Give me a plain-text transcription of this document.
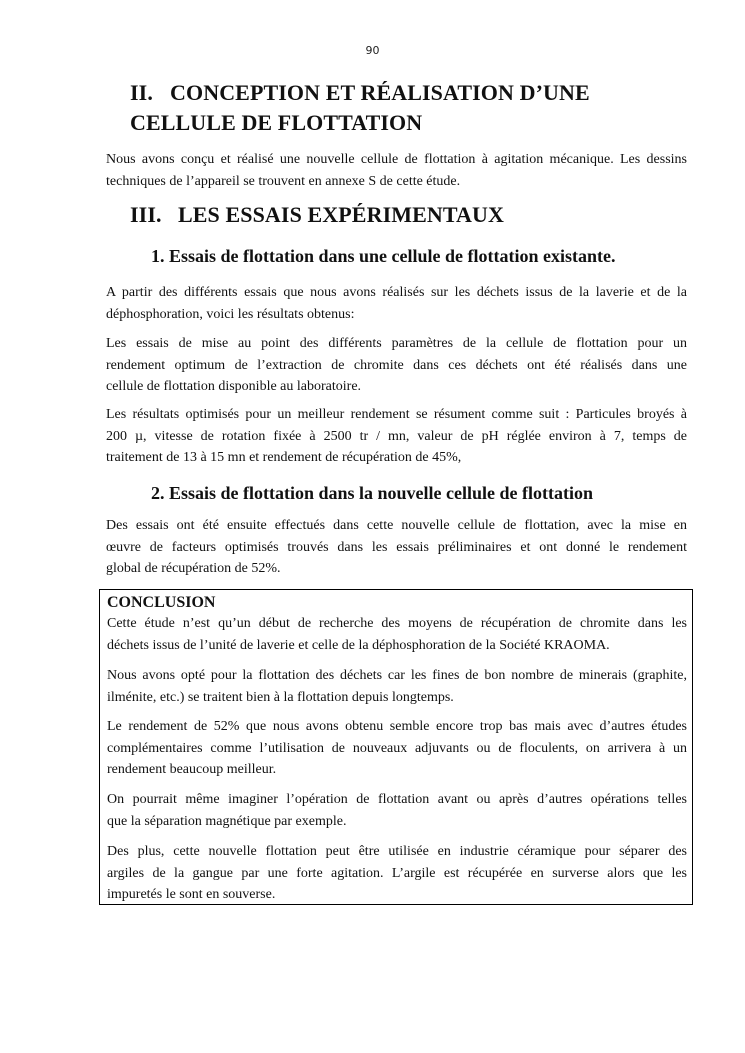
90
II. CONCEPTION ET RÉALISATION D’UNE
CELLULE DE FLOTTATION

Nous avons conçu et réalisé une nouvelle cellule de flottation à agitation mécanique. Les dessins
techniques de l’appareil se trouvent en annexe S de cette étude.

III. LES ESSAIS EXPÉRIMENTAUX
1. Essais de flottation dans une cellule de flottation existante.

A partir des différents essais que nous avons réalisés sur les déchets issus de la laverie et de la
déphosphoration, voici les résultats obtenus:

Les essais de mise au point des différents paramètres de la cellule de flottation pour un
rendement optimum de l’extraction de chromite dans ces déchets ont été réalisés dans une
cellule de flottation disponible au laboratoire.

Les résultats optimisés pour un meilleur rendement se résument comme suit : Particules broyés à
200 µ, vitesse de rotation fixée à 2500 tr / mn, valeur de pH réglée environ à 7, temps de
traitement de 13 à 15 mn et rendement de récupération de 45%,

2. Essais de flottation dans la nouvelle cellule de flottation

Des essais ont été ensuite effectués dans cette nouvelle cellule de flottation, avec la mise en
œuvre de facteurs optimisés trouvés dans les essais préliminaires et ont donné le rendement
global de récupération de 52%.

CONCLUSION

Cette étude n’est qu’un début de recherche des moyens de récupération de chromite dans les
déchets issus de l’unité de laverie et celle de la déphosphoration de la Société KRAOMA.

Nous avons opté pour la flottation des déchets car les fines de bon nombre de minerais (graphite,
ilménite, etc.) se traitent bien à la flottation depuis longtemps.

Le rendement de 52% que nous avons obtenu semble encore trop bas mais avec d’autres études
complémentaires comme l’utilisation de nouveaux adjuvants ou de floculents, on arrivera à un
rendement beaucoup meilleur.

On pourrait même imaginer l’opération de flottation avant ou après d’autres opérations telles
que la séparation magnétique par exemple.

Des plus, cette nouvelle flottation peut être utilisée en industrie céramique pour séparer des
argiles de la gangue par une forte agitation. L’argile est récupérée en surverse alors que les
impuretés le sont en souverse.
